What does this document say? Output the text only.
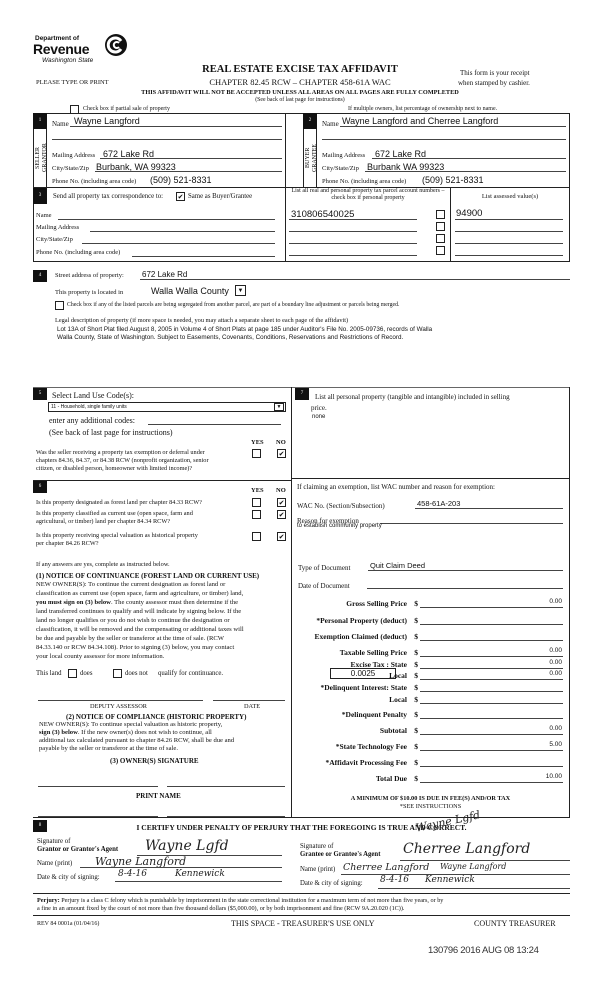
Department of
Revenue
Washington State
REAL ESTATE EXCISE TAX AFFIDAVIT
CHAPTER 82.45 RCW – CHAPTER 458-61A WAC
PLEASE TYPE OR PRINT
This form is your receipt
when stamped by cashier.
THIS AFFIDAVIT WILL NOT BE ACCEPTED UNLESS ALL AREAS ON ALL PAGES ARE FULLY COMPLETED
(See back of last page for instructions)
Check box if partial sale of property	If multiple owners, list percentage of ownership next to name.
1
SELLER GRANTOR
Name Wayne Langford
Mailing Address 672 Lake Rd
City/State/Zip Burbank, WA 99323
Phone No. (including area code) (509) 521-8331
2
BUYER GRANTEE
Name Wayne Langford and Cherree Langford
Mailing Address 672 Lake Rd
City/State/Zip Burbank WA 99323
Phone No. (including area code) (509) 521-8331
3	Send all property tax correspondence to: ✔	Same as Buyer/Grantee
Name
Mailing Address
City/State/Zip
Phone No. (including area code)
List all real and personal property tax parcel account numbers – check box if personal property	List assessed value(s)
310806540025	94900
4	Street address of property: 672 Lake Rd
This property is located in	Walla Walla County	▼
Check box if any of the listed parcels are being segregated from another parcel, are part of a boundary line adjustment or parcels being merged.
Legal description of property (if more space is needed, you may attach a separate sheet to each page of the affidavit)
Lot 13A of Short Plat filed August 8, 2005 in Volume 4 of Short Plats at page 185 under Auditor's File No. 2005-09736, records of Walla
Walla County, State of Washington. Subject to Easements, Covenants, Conditions, Reservations and Restrictions of Record.
5	Select Land Use Code(s):
11 - Household, single family units	▼
enter any additional codes:
(See back of last page for instructions)
YES NO
Was the seller receiving a property tax exemption or deferral under
chapters 84.36, 84.37, or 84.38 RCW (nonprofit organization, senior
citizen, or disabled person, homeowner with limited income)?
✔
6
YES NO
Is this property designated as forest land per chapter 84.33 RCW?
✔
Is this property classified as current use (open space, farm and
agricultural, or timber) land per chapter 84.34 RCW?
✔
Is this property receiving special valuation as historical property
per chapter 84.26 RCW?
✔
If any answers are yes, complete as instructed below.
(1) NOTICE OF CONTINUANCE (FOREST LAND OR CURRENT USE)
NEW OWNER(S): To continue the current designation as forest land or
classification as current use (open space, farm and agriculture, or timber) land,
you must sign on (3) below. The county assessor must then determine if the
land transferred continues to qualify and will indicate by signing below. If the
land no longer qualifies or you do not wish to continue the designation or
classification, it will be removed and the compensating or additional taxes will
be due and payable by the seller or transferor at the time of sale. (RCW
84.33.140 or RCW 84.34.108). Prior to signing (3) below, you may contact
your local county assessor for more information.
This land	does	does not qualify for continuance.
DEPUTY ASSESSOR	DATE
(2) NOTICE OF COMPLIANCE (HISTORIC PROPERTY)
NEW OWNER(S): To continue special valuation as historic property,
sign (3) below. If the new owner(s) does not wish to continue, all
additional tax calculated pursuant to chapter 84.26 RCW, shall be due and
payable by the seller or transferor at the time of sale.
(3) OWNER(S) SIGNATURE
PRINT NAME
7	List all personal property (tangible and intangible) included in selling
price.
none
If claiming an exemption, list WAC number and reason for exemption:
WAC No. (Section/Subsection)	458-61A-203
Reason for exemption
to establish community property
Type of Document	Quit Claim Deed
Date of Document
Gross Selling Price $	0.00
*Personal Property (deduct) $
Exemption Claimed (deduct) $
Taxable Selling Price $	0.00
Excise Tax : State $	0.00
0.0025	Local $	0.00
*Delinquent Interest: State $
Local $
*Delinquent Penalty $
Subtotal $	0.00
*State Technology Fee $	5.00
*Affidavit Processing Fee $
Total Due $	10.00
A MINIMUM OF $10.00 IS DUE IN FEE(S) AND/OR TAX
*SEE INSTRUCTIONS
8	I CERTIFY UNDER PENALTY OF PERJURY THAT THE FOREGOING IS TRUE AND CORRECT.
Signature of
Grantor or Grantor's Agent Wayne Lgfd
Name (print) Wayne Langford
Date & city of signing: 8-4-16	Kennewick
Wayne Lgfd
Signature of
Grantee or Grantee's Agent Cherree Langford
Name (print) Cherree Langford Wayne Langford
Date & city of signing: 8-4-16 Kennewick
Perjury: Perjury is a class C felony which is punishable by imprisonment in the state correctional institution for a maximum term of not more than five years, or by
a fine in an amount fixed by the court of not more than five thousand dollars ($5,000.00), or by both imprisonment and fine (RCW 9A.20.020 (1C)).
REV 84 0001a (01/04/16)	THIS SPACE - TREASURER'S USE ONLY	COUNTY TREASURER
130796 2016 AUG 08 13:24
